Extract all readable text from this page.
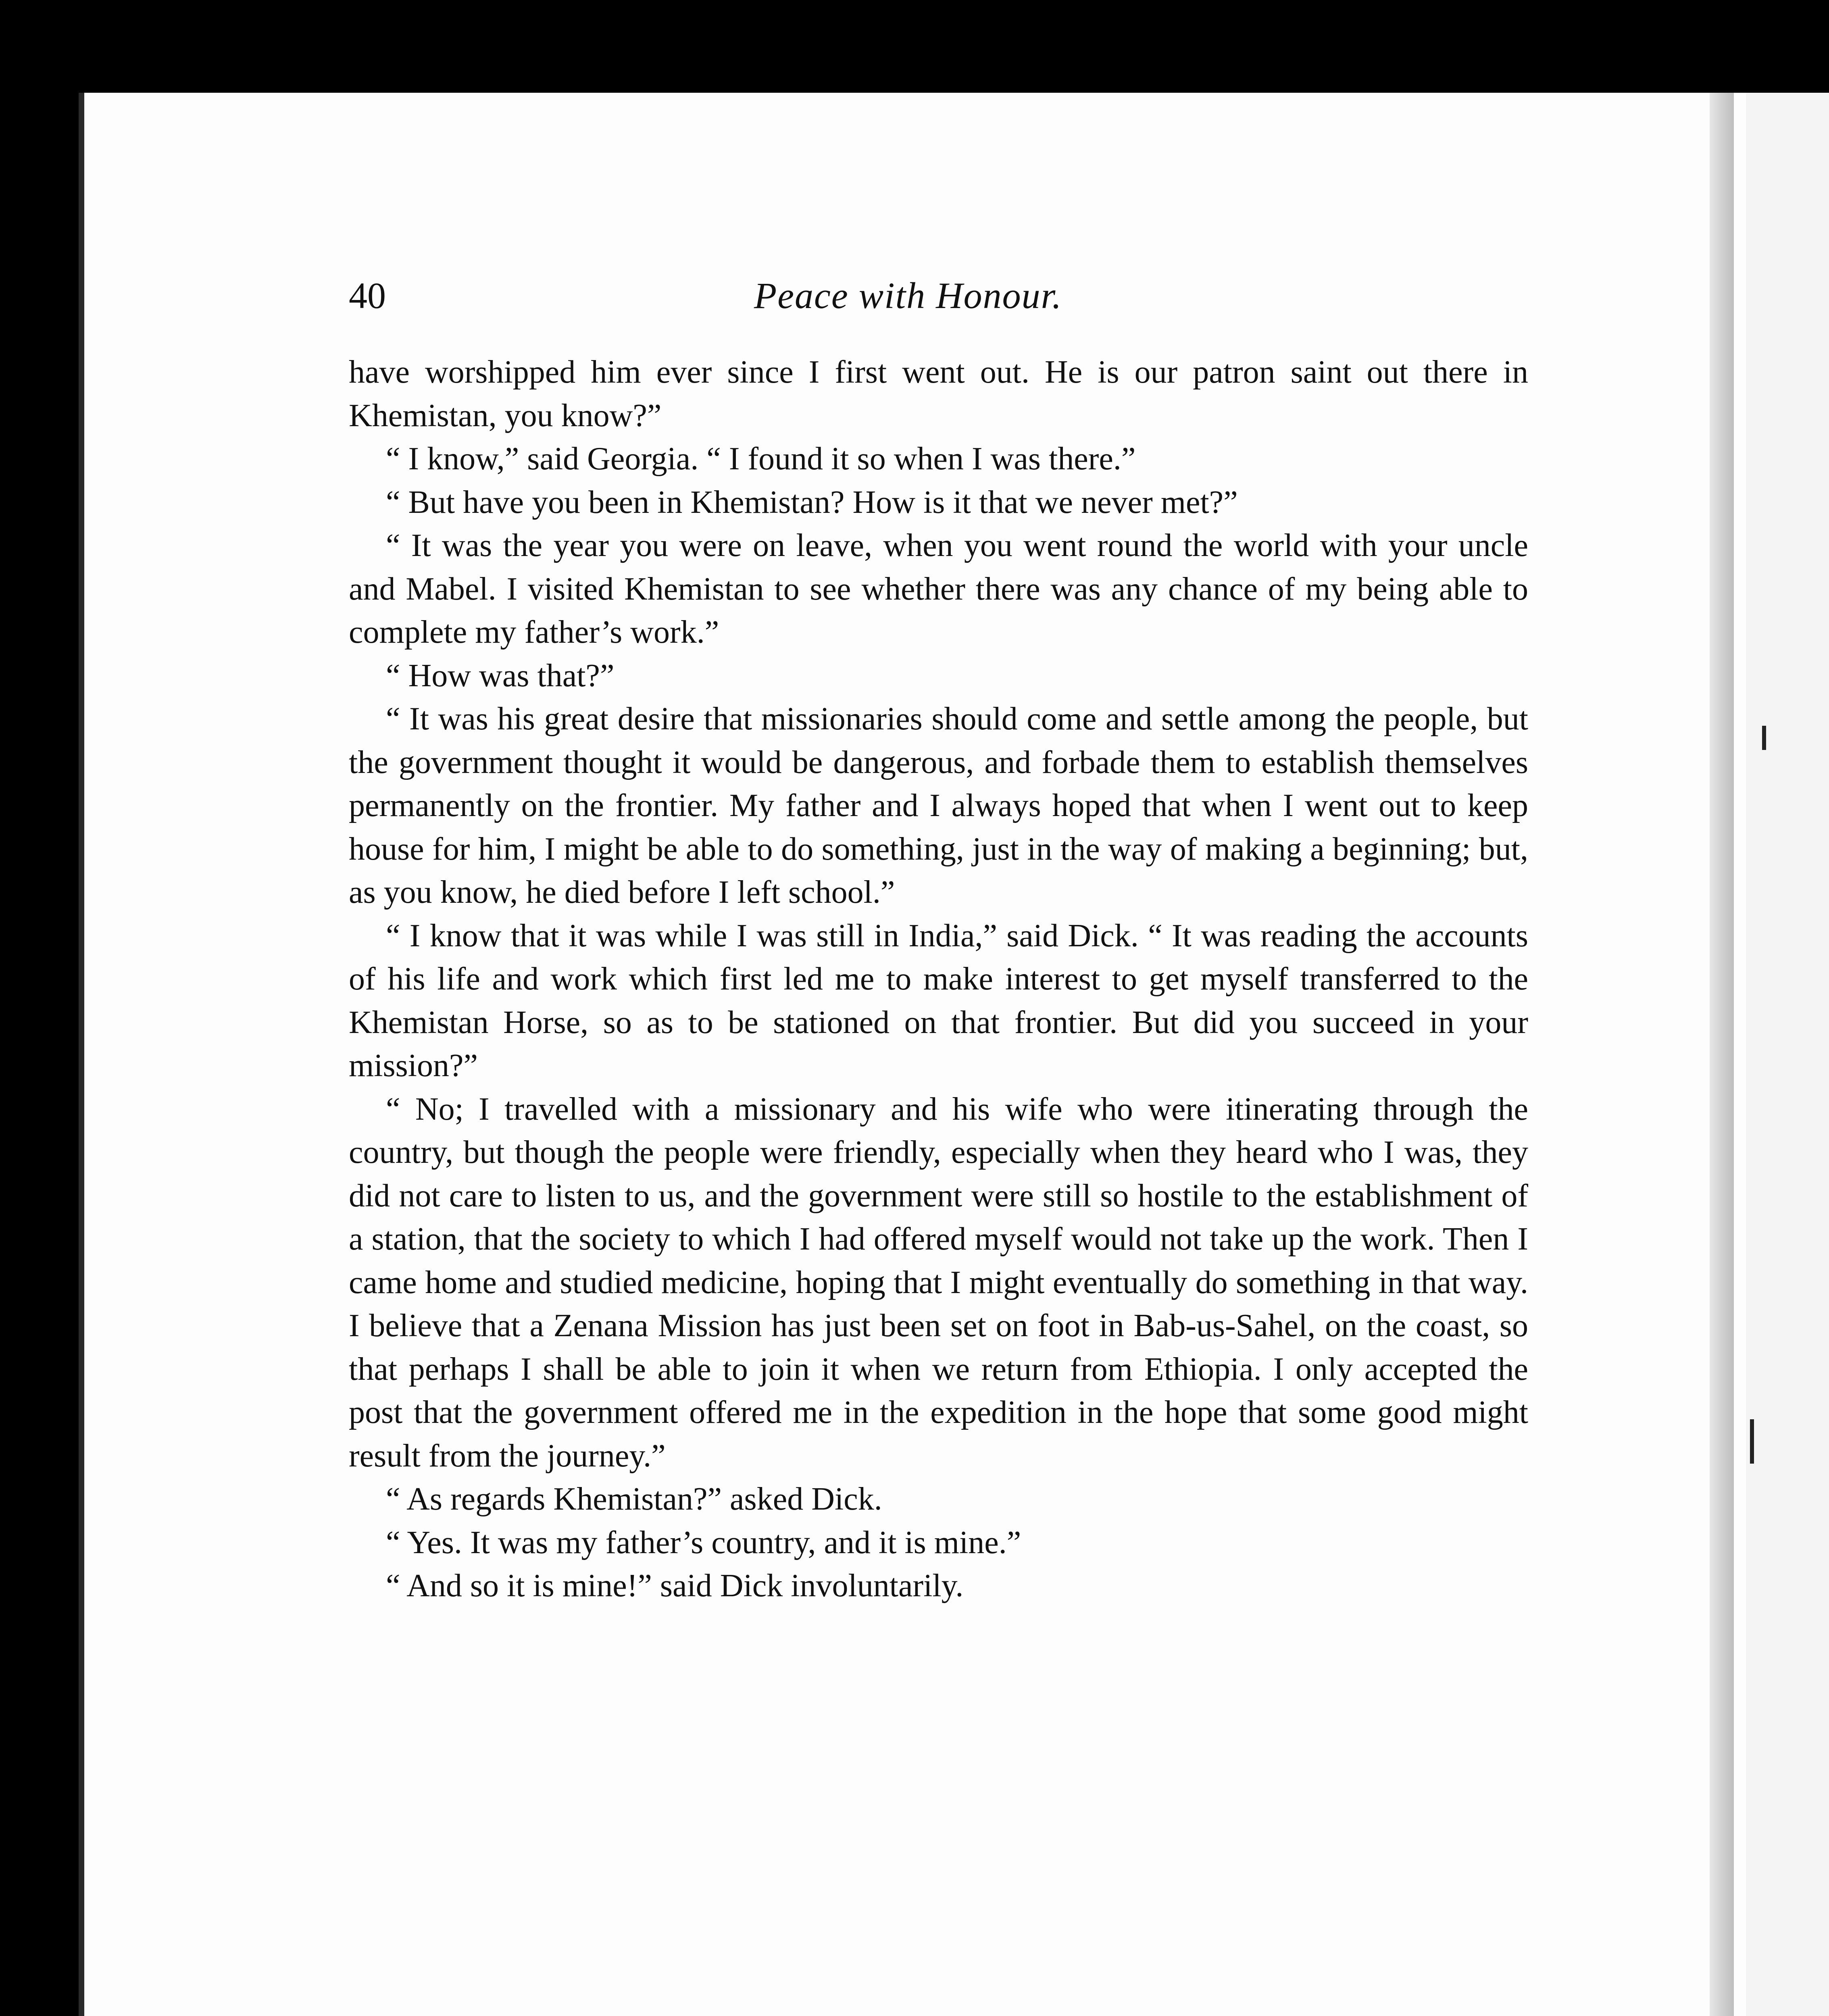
40	Peace with Honour.

have worshipped him ever since I first went out. He is our patron saint out there in Khemistan, you know?”

“ I know,” said Georgia. “ I found it so when I was there.”

“ But have you been in Khemistan? How is it that we never met?”

“ It was the year you were on leave, when you went round the world with your uncle and Mabel. I visited Khemistan to see whether there was any chance of my being able to complete my father’s work.”

“ How was that?”

“ It was his great desire that missionaries should come and settle among the people, but the government thought it would be dangerous, and forbade them to establish themselves permanently on the frontier. My father and I always hoped that when I went out to keep house for him, I might be able to do something, just in the way of making a beginning; but, as you know, he died before I left school.”

“ I know that it was while I was still in India,” said Dick. “ It was reading the accounts of his life and work which first led me to make interest to get myself transferred to the Khemistan Horse, so as to be stationed on that frontier. But did you succeed in your mission?”

“ No; I travelled with a missionary and his wife who were itinerating through the country, but though the people were friendly, especially when they heard who I was, they did not care to listen to us, and the government were still so hostile to the establishment of a station, that the society to which I had offered myself would not take up the work. Then I came home and studied medicine, hoping that I might eventually do something in that way. I believe that a Zenana Mission has just been set on foot in Bab-us-Sahel, on the coast, so that perhaps I shall be able to join it when we return from Ethiopia. I only accepted the post that the government offered me in the expedition in the hope that some good might result from the journey.”

“ As regards Khemistan?” asked Dick.

“ Yes. It was my father’s country, and it is mine.”

“ And so it is mine!” said Dick involuntarily.
